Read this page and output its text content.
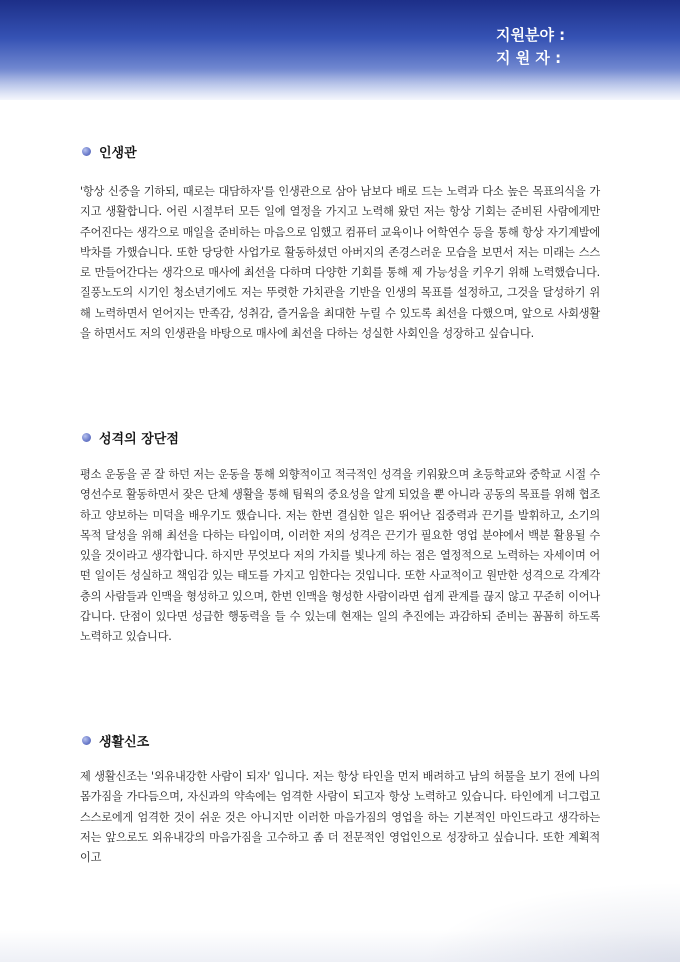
지원분야 :
지 원 자 :
인생관
'항상 신중을 기하되, 때로는 대담하자'를 인생관으로 삼아 남보다 배로 드는 노력과 다소 높은 목표의식을 가지고 생활합니다. 어린 시절부터 모든 일에 열정을 가지고 노력해 왔던 저는 항상 기회는 준비된 사람에게만 주어진다는 생각으로 매일을 준비하는 마음으로 임했고 컴퓨터 교육이나 어학연수 등을 통해 항상 자기계발에 박차를 가했습니다. 또한 당당한 사업가로 활동하셨던 아버지의 존경스러운 모습을 보면서 저는 미래는 스스로 만들어간다는 생각으로 매사에 최선을 다하며 다양한 기회를 통해 제 가능성을 키우기 위해 노력했습니다. 질풍노도의 시기인 청소년기에도 저는 뚜렷한 가치관을 기반을 인생의 목표를 설정하고, 그것을 달성하기 위해 노력하면서 얻어지는 만족감, 성취감, 즐거움을 최대한 누릴 수 있도록 최선을 다했으며, 앞으로 사회생활을 하면서도 저의 인생관을 바탕으로 매사에 최선을 다하는 성실한 사회인을 성장하고 싶습니다.
성격의 장단점
평소 운동을 곧 잘 하던 저는 운동을 통해 외향적이고 적극적인 성격을 키워왔으며 초등학교와 중학교 시절 수영선수로 활동하면서 잦은 단체 생활을 통해 팀웍의 중요성을 알게 되었을 뿐 아니라 공동의 목표를 위해 협조하고 양보하는 미덕을 배우기도 했습니다. 저는 한번 결심한 일은 뛰어난 집중력과 끈기를 발휘하고, 소기의 목적 달성을 위해 최선을 다하는 타입이며, 이러한 저의 성격은 끈기가 필요한 영업 분야에서 백분 활용될 수 있을 것이라고 생각합니다. 하지만 무엇보다 저의 가치를 빛나게 하는 점은 열정적으로 노력하는 자세이며 어떤 일이든 성실하고 책임감 있는 태도를 가지고 임한다는 것입니다. 또한 사교적이고 원만한 성격으로 각계각층의 사람들과 인맥을 형성하고 있으며, 한번 인맥을 형성한 사람이라면 쉽게 관계를 끊지 않고 꾸준히 이어나갑니다. 단점이 있다면 성급한 행동력을 들 수 있는데 현재는 일의 추진에는 과감하되 준비는 꼼꼼히 하도록 노력하고 있습니다.
생활신조
제 생활신조는 '외유내강한 사람이 되자' 입니다. 저는 항상 타인을 먼저 배려하고 남의 허물을 보기 전에 나의 몸가짐을 가다듬으며, 자신과의 약속에는 엄격한 사람이 되고자 항상 노력하고 있습니다. 타인에게 너그럽고 스스로에게 엄격한 것이 쉬운 것은 아니지만 이러한 마음가짐의 영업을 하는 기본적인 마인드라고 생각하는 저는 앞으로도 외유내강의 마음가짐을 고수하고 좀 더 전문적인 영업인으로 성장하고 싶습니다. 또한 계획적이고
